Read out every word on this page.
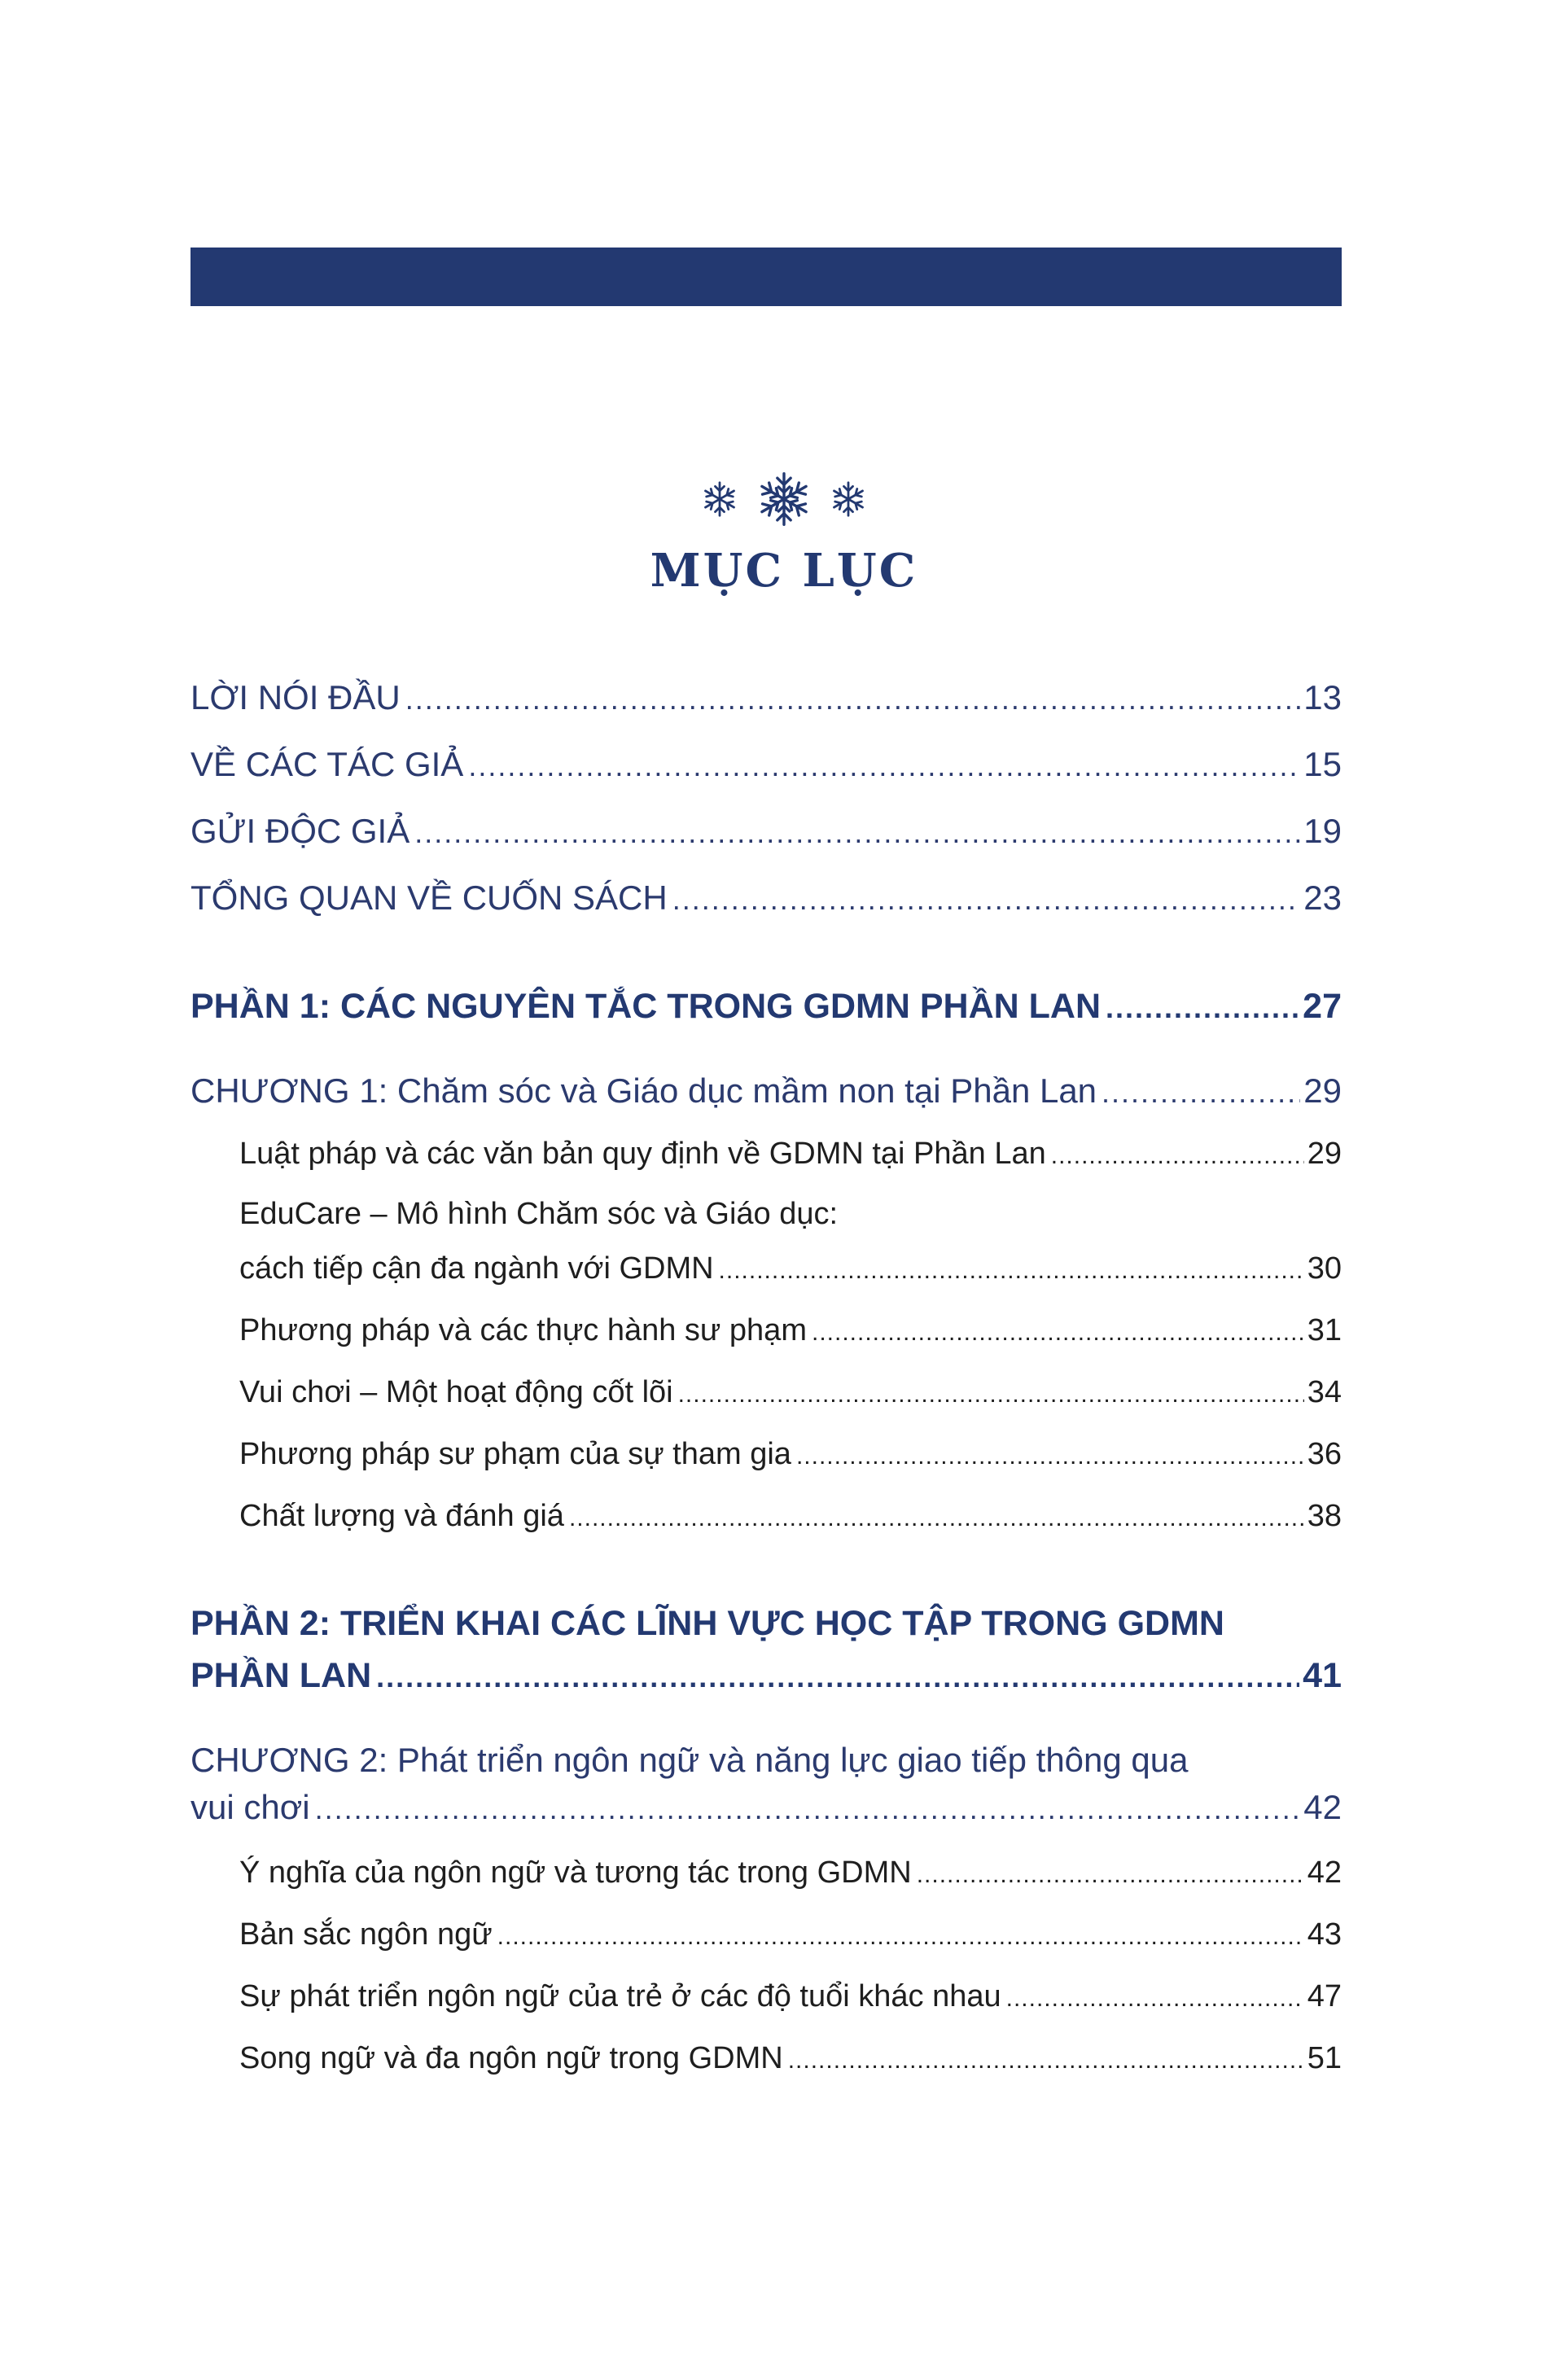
MỤC LỤC
LỜI NÓI ĐẦU .....	13
VỀ CÁC TÁC GIẢ .....	15
GỬI ĐỘC GIẢ .....	19
TỔNG QUAN VỀ CUỐN SÁCH .....	23
PHẦN 1: CÁC NGUYÊN TẮC TRONG GDMN PHẦN LAN .....	27
CHƯƠNG 1: Chăm sóc và Giáo dục mầm non tại Phần Lan .....	29
Luật pháp và các văn bản quy định về GDMN tại Phần Lan .....	29
EduCare – Mô hình Chăm sóc và Giáo dục:
cách tiếp cận đa ngành với GDMN .....	30
Phương pháp và các thực hành sư phạm .....	31
Vui chơi – Một hoạt động cốt lõi .....	34
Phương pháp sư phạm của sự tham gia .....	36
Chất lượng và đánh giá .....	38
PHẦN 2: TRIỂN KHAI CÁC LĨNH VỰC HỌC TẬP TRONG GDMN
PHẦN LAN .....	41
CHƯƠNG 2: Phát triển ngôn ngữ và năng lực giao tiếp thông qua
vui chơi .....	42
Ý nghĩa của ngôn ngữ và tương tác trong GDMN .....	42
Bản sắc ngôn ngữ .....	43
Sự phát triển ngôn ngữ của trẻ ở các độ tuổi khác nhau .....	47
Song ngữ và đa ngôn ngữ trong GDMN .....	51
